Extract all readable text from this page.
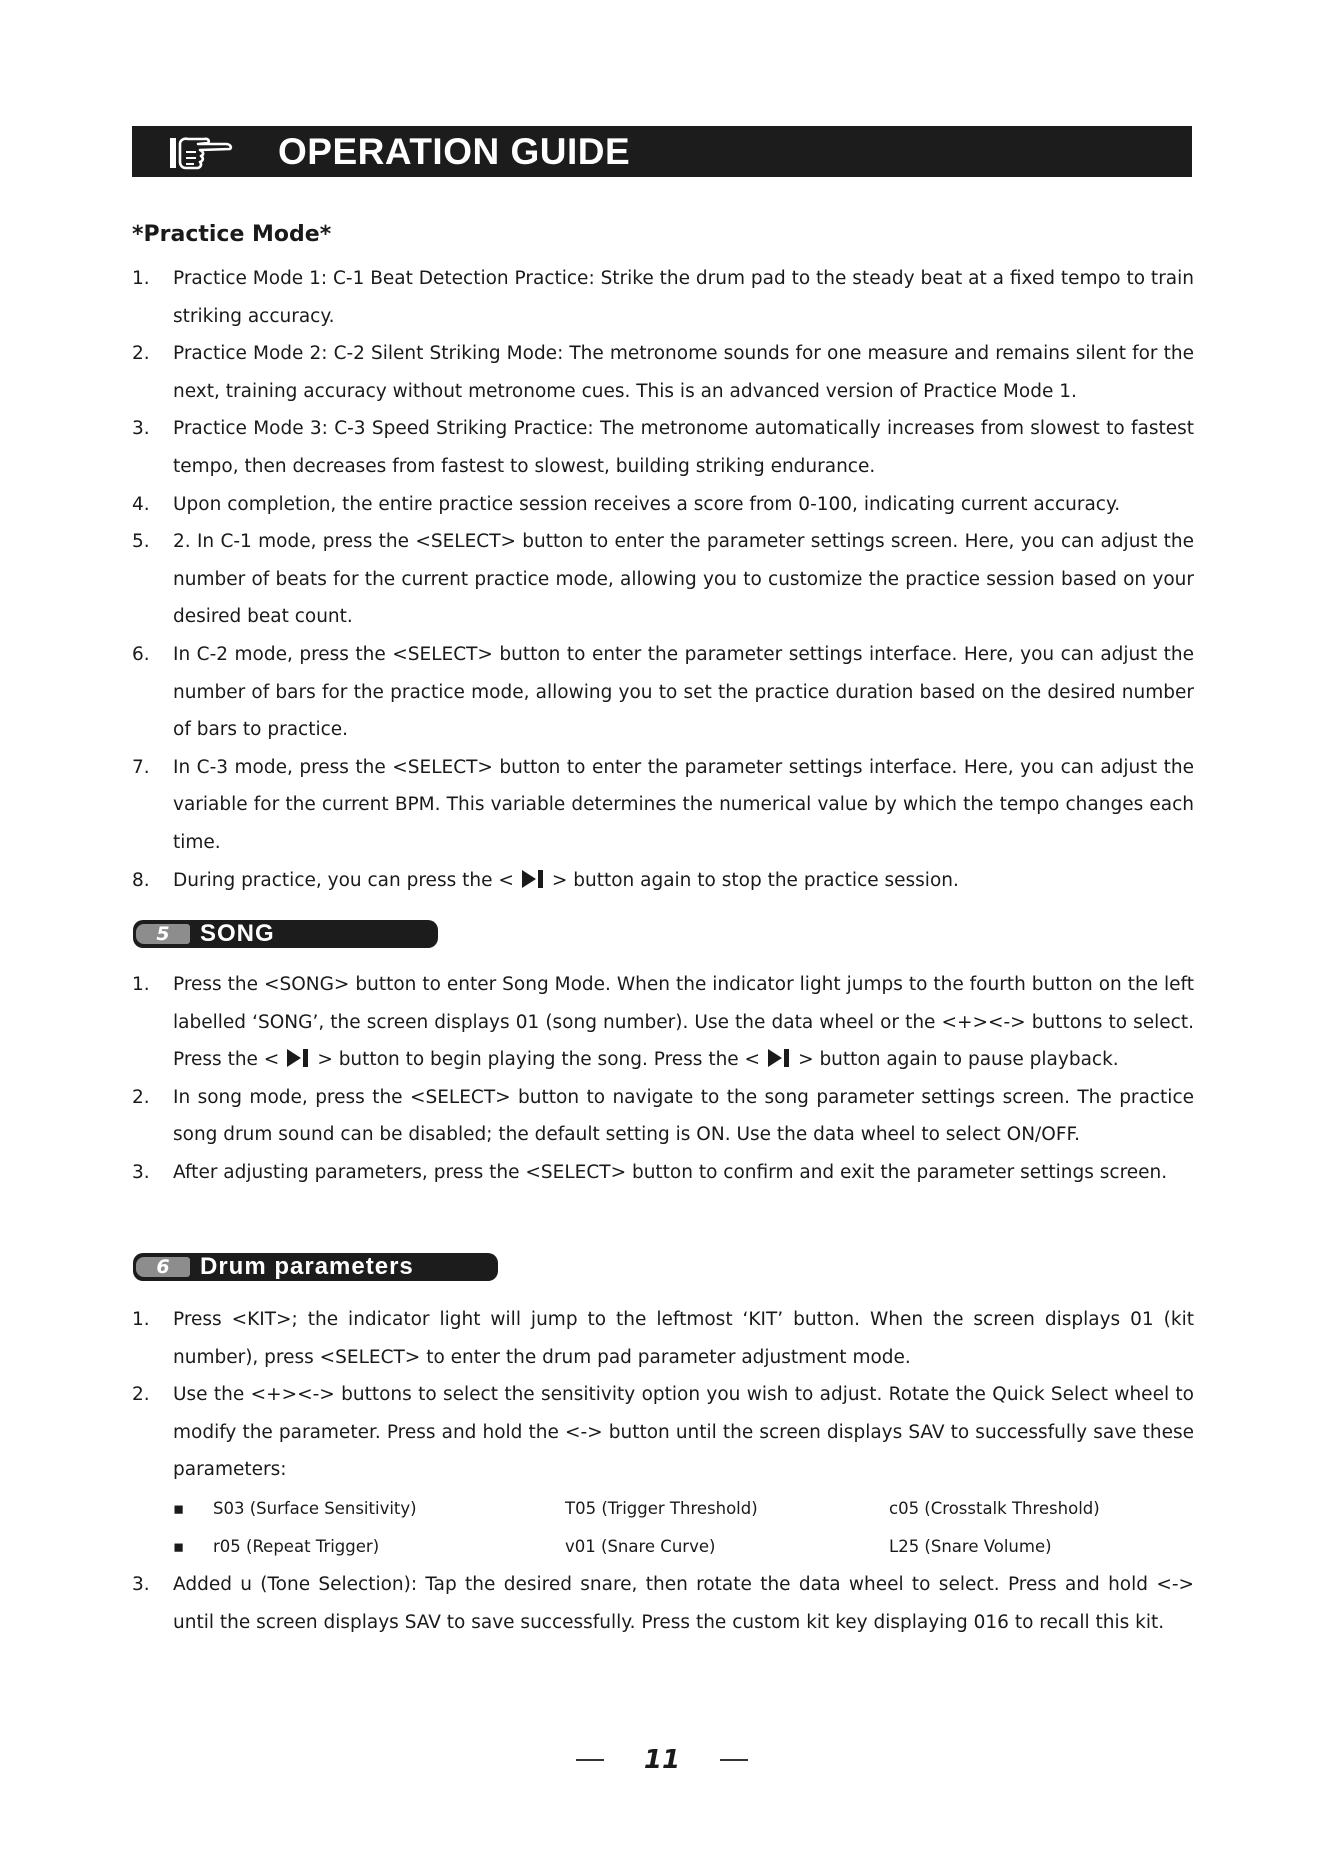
OPERATION GUIDE
*Practice Mode*
1. Practice Mode 1: C-1 Beat Detection Practice: Strike the drum pad to the steady beat at a fixed tempo to train striking accuracy.
2. Practice Mode 2: C-2 Silent Striking Mode: The metronome sounds for one measure and remains silent for the next, training accuracy without metronome cues. This is an advanced version of Practice Mode 1.
3. Practice Mode 3: C-3 Speed Striking Practice: The metronome automatically increases from slowest to fastest tempo, then decreases from fastest to slowest, building striking endurance.
4. Upon completion, the entire practice session receives a score from 0-100, indicating current accuracy.
5. 2. In C-1 mode, press the <SELECT> button to enter the parameter settings screen. Here, you can adjust the number of beats for the current practice mode, allowing you to customize the practice session based on your desired beat count.
6. In C-2 mode, press the <SELECT> button to enter the parameter settings interface. Here, you can adjust the number of bars for the practice mode, allowing you to set the practice duration based on the desired number of bars to practice.
7. In C-3 mode, press the <SELECT> button to enter the parameter settings interface. Here, you can adjust the variable for the current BPM. This variable determines the numerical value by which the tempo changes each time.
8. During practice, you can press the < > button again to stop the practice session.
5	SONG
1. Press the <SONG> button to enter Song Mode. When the indicator light jumps to the fourth button on the left labelled ‘SONG’, the screen displays 01 (song number). Use the data wheel or the <+><-> buttons to select. Press the < > button to begin playing the song. Press the < > button again to pause playback.
2. In song mode, press the <SELECT> button to navigate to the song parameter settings screen. The practice song drum sound can be disabled; the default setting is ON. Use the data wheel to select ON/OFF.
3. After adjusting parameters, press the <SELECT> button to confirm and exit the parameter settings screen.
6	Drum parameters
1. Press <KIT>; the indicator light will jump to the leftmost ‘KIT’ button. When the screen displays 01 (kit number), press <SELECT> to enter the drum pad parameter adjustment mode.
2. Use the <+><-> buttons to select the sensitivity option you wish to adjust. Rotate the Quick Select wheel to modify the parameter. Press and hold the <-> button until the screen displays SAV to successfully save these parameters:
▪ S03 (Surface Sensitivity)	T05 (Trigger Threshold)	c05 (Crosstalk Threshold)
▪ r05 (Repeat Trigger)	v01 (Snare Curve)	L25 (Snare Volume)
3. Added u (Tone Selection): Tap the desired snare, then rotate the data wheel to select. Press and hold <-> until the screen displays SAV to save successfully. Press the custom kit key displaying 016 to recall this kit.
11
